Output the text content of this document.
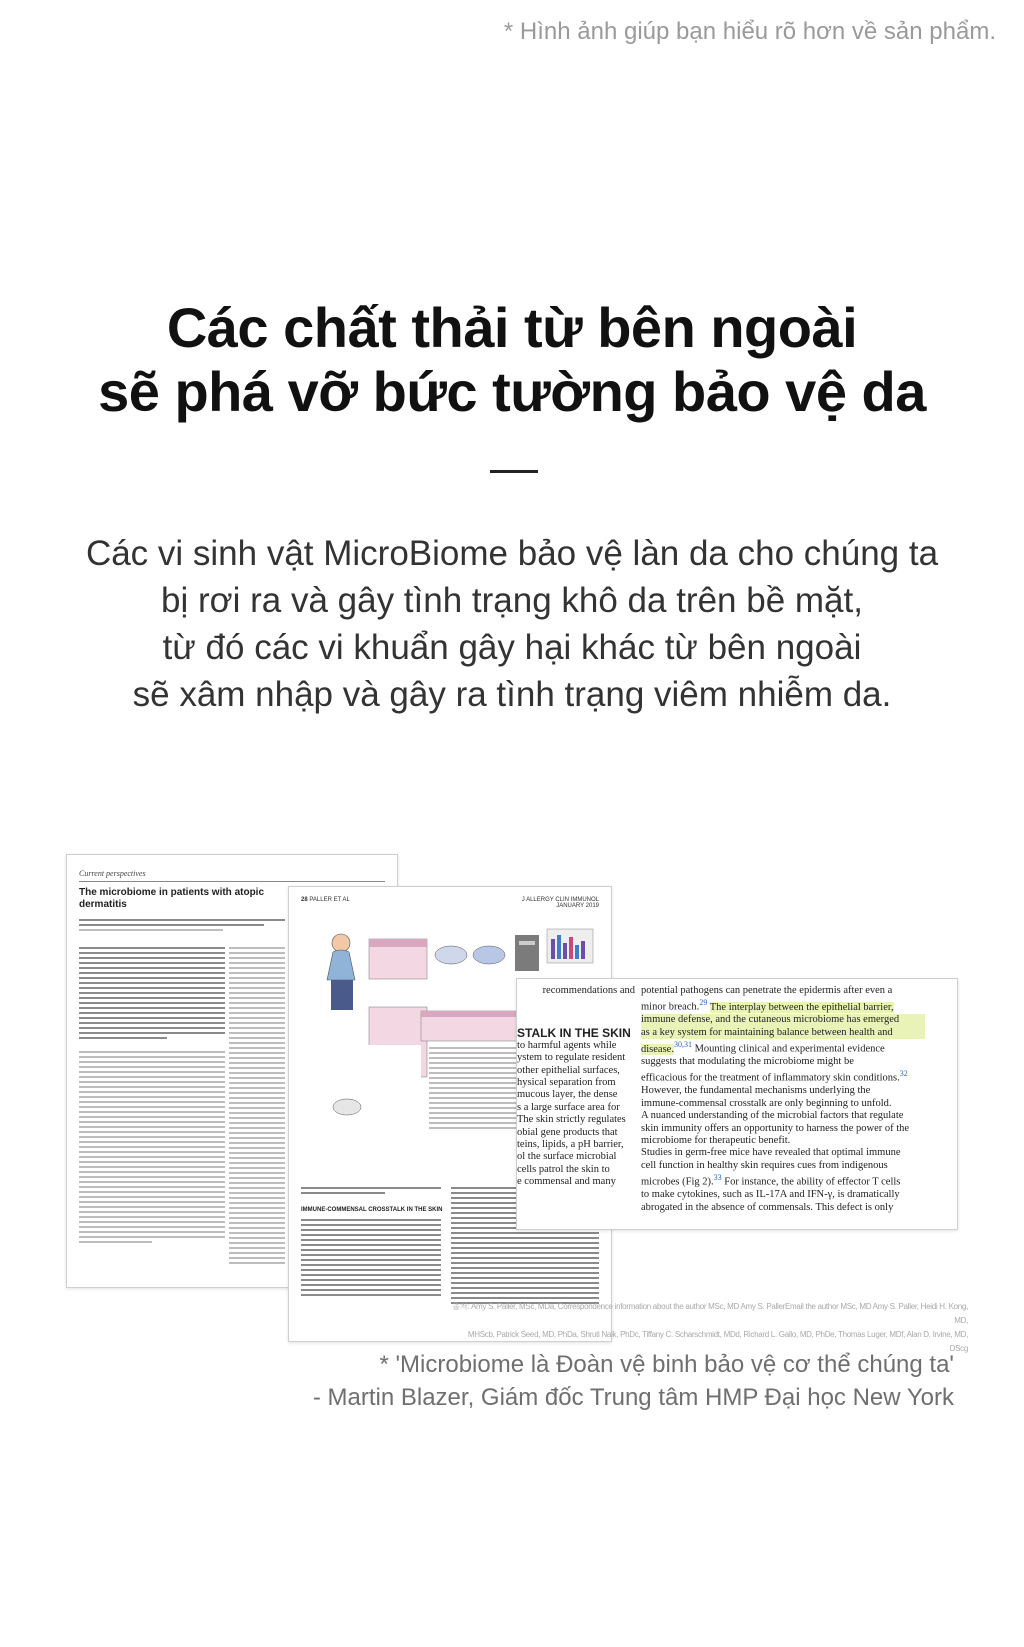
* Hình ảnh giúp bạn hiểu rõ hơn về sản phẩm.
Các chất thải từ bên ngoài
sẽ phá vỡ bức tường bảo vệ da
Các vi sinh vật MicroBiome bảo vệ làn da cho chúng ta
bị rơi ra và gây tình trạng khô da trên bề mặt,
từ đó các vi khuẩn gây hại khác từ bên ngoài
sẽ xâm nhập và gây ra tình trạng viêm nhiễm da.
Current perspectives
The microbiome in patients with atopic dermatitis	28 PALLER ET AL	J ALLERGY CLIN IMMUNOL
JANUARY 2019
IMMUNE-COMMENSAL CROSSTALK IN THE SKIN
recommendations and
STALK IN THE SKIN
to harmful agents while
ystem to regulate resident
other epithelial surfaces,
hysical separation from
mucous layer, the dense
s a large surface area for
The skin strictly regulates
obial gene products that
teins, lipids, a pH barrier,
ol the surface microbial
cells patrol the skin to
e commensal and many
potential pathogens can penetrate the epidermis after even a
minor breach.$^{29}$ The interplay between the epithelial barrier,
immune defense, and the cutaneous microbiome has emerged
as a key system for maintaining balance between health and
disease.$^{30,31}$ Mounting clinical and experimental evidence
suggests that modulating the microbiome might be
efficacious for the treatment of inflammatory skin conditions.$^{32}$
However, the fundamental mechanisms underlying the
immune-commensal crosstalk are only beginning to unfold.
A nuanced understanding of the microbial factors that regulate
skin immunity offers an opportunity to harness the power of the
microbiome for therapeutic benefit.
Studies in germ-free mice have revealed that optimal immune
cell function in healthy skin requires cues from indigenous
microbes (Fig 2).$^{33}$ For instance, the ability of effector T cells
to make cytokines, such as IL-17A and IFN-γ, is dramatically
abrogated in the absence of commensals. This defect is only
출처: Amy S. Paller, MSc, MDa, Correspondence information about the author MSc, MD Amy S. PallerEmail the author MSc, MD Amy S. Paller, Heidi H. Kong, MD,
MHScb, Patrick Seed, MD, PhDa, Shruti Naik, PhDc, Tiffany C. Scharschmidt, MDd, Richard L. Gallo, MD, PhDe, Thomas Luger, MDf, Alan D. Irvine, MD, DScg
* 'Microbiome là Đoàn vệ binh bảo vệ cơ thể chúng ta'
- Martin Blazer, Giám đốc Trung tâm HMP Đại học New York
